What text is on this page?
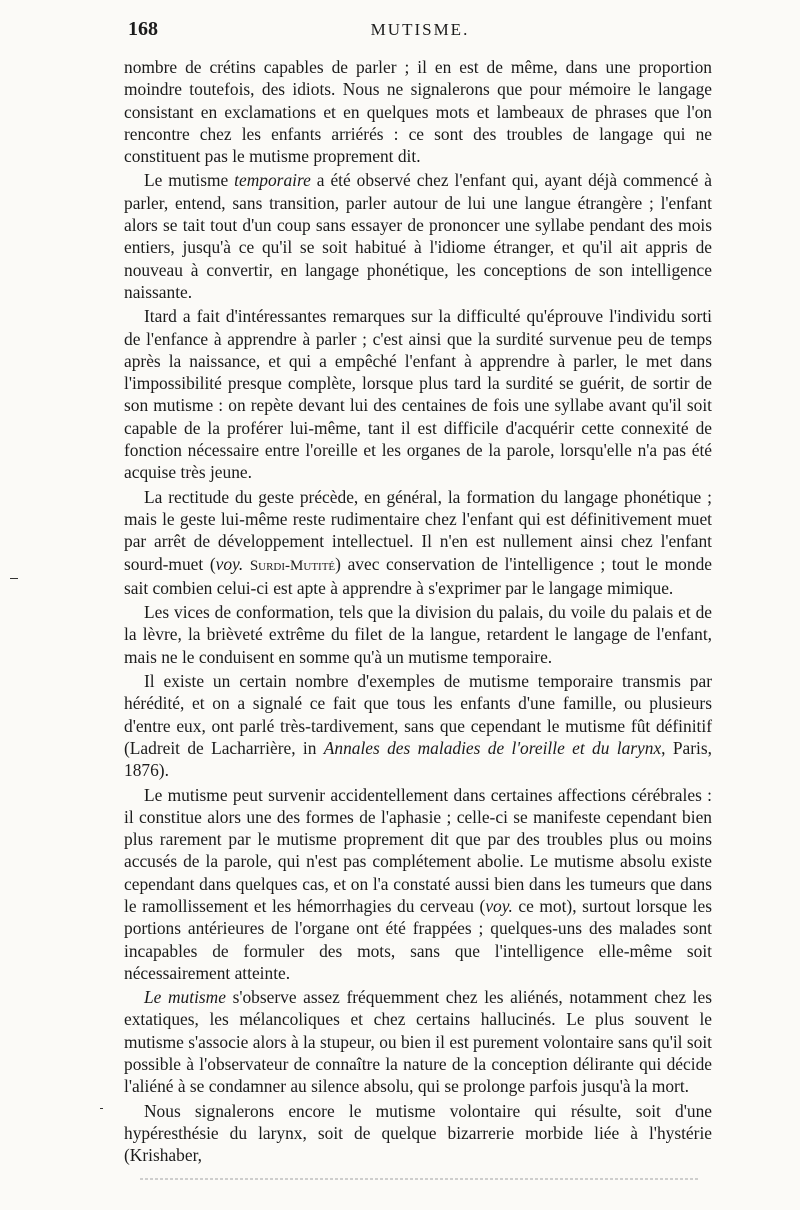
168	MUTISME.

nombre de crétins capables de parler ; il en est de même, dans une proportion moindre toutefois, des idiots. Nous ne signalerons que pour mémoire le langage consistant en exclamations et en quelques mots et lambeaux de phrases que l'on rencontre chez les enfants arriérés : ce sont des troubles de langage qui ne constituent pas le mutisme proprement dit.

Le mutisme temporaire a été observé chez l'enfant qui, ayant déjà commencé à parler, entend, sans transition, parler autour de lui une langue étrangère ; l'enfant alors se tait tout d'un coup sans essayer de prononcer une syllabe pendant des mois entiers, jusqu'à ce qu'il se soit habitué à l'idiome étranger, et qu'il ait appris de nouveau à convertir, en langage phonétique, les conceptions de son intelligence naissante.

Itard a fait d'intéressantes remarques sur la difficulté qu'éprouve l'individu sorti de l'enfance à apprendre à parler ; c'est ainsi que la surdité survenue peu de temps après la naissance, et qui a empêché l'enfant à apprendre à parler, le met dans l'impossibilité presque complète, lorsque plus tard la surdité se guérit, de sortir de son mutisme : on repète devant lui des centaines de fois une syllabe avant qu'il soit capable de la proférer lui-même, tant il est difficile d'acquérir cette connexité de fonction nécessaire entre l'oreille et les organes de la parole, lorsqu'elle n'a pas été acquise très jeune.

La rectitude du geste précède, en général, la formation du langage phonétique ; mais le geste lui-même reste rudimentaire chez l'enfant qui est définitivement muet par arrêt de développement intellectuel. Il n'en est nullement ainsi chez l'enfant sourd-muet (voy. Surdi-Mutité) avec conservation de l'intelligence ; tout le monde sait combien celui-ci est apte à apprendre à s'exprimer par le langage mimique.

Les vices de conformation, tels que la division du palais, du voile du palais et de la lèvre, la brièveté extrême du filet de la langue, retardent le langage de l'enfant, mais ne le conduisent en somme qu'à un mutisme temporaire.

Il existe un certain nombre d'exemples de mutisme temporaire transmis par hérédité, et on a signalé ce fait que tous les enfants d'une famille, ou plusieurs d'entre eux, ont parlé très-tardivement, sans que cependant le mutisme fût définitif (Ladreit de Lacharrière, in Annales des maladies de l'oreille et du larynx, Paris, 1876).

Le mutisme peut survenir accidentellement dans certaines affections cérébrales : il constitue alors une des formes de l'aphasie ; celle-ci se manifeste cependant bien plus rarement par le mutisme proprement dit que par des troubles plus ou moins accusés de la parole, qui n'est pas complétement abolie. Le mutisme absolu existe cependant dans quelques cas, et on l'a constaté aussi bien dans les tumeurs que dans le ramollissement et les hémorrhagies du cerveau (voy. ce mot), surtout lorsque les portions antérieures de l'organe ont été frappées ; quelques-uns des malades sont incapables de formuler des mots, sans que l'intelligence elle-même soit nécessairement atteinte.

Le mutisme s'observe assez fréquemment chez les aliénés, notamment chez les extatiques, les mélancoliques et chez certains hallucinés. Le plus souvent le mutisme s'associe alors à la stupeur, ou bien il est purement volontaire sans qu'il soit possible à l'observateur de connaître la nature de la conception délirante qui décide l'aliéné à se condamner au silence absolu, qui se prolonge parfois jusqu'à la mort.

Nous signalerons encore le mutisme volontaire qui résulte, soit d'une hypéresthésie du larynx, soit de quelque bizarrerie morbide liée à l'hystérie (Krishaber,
